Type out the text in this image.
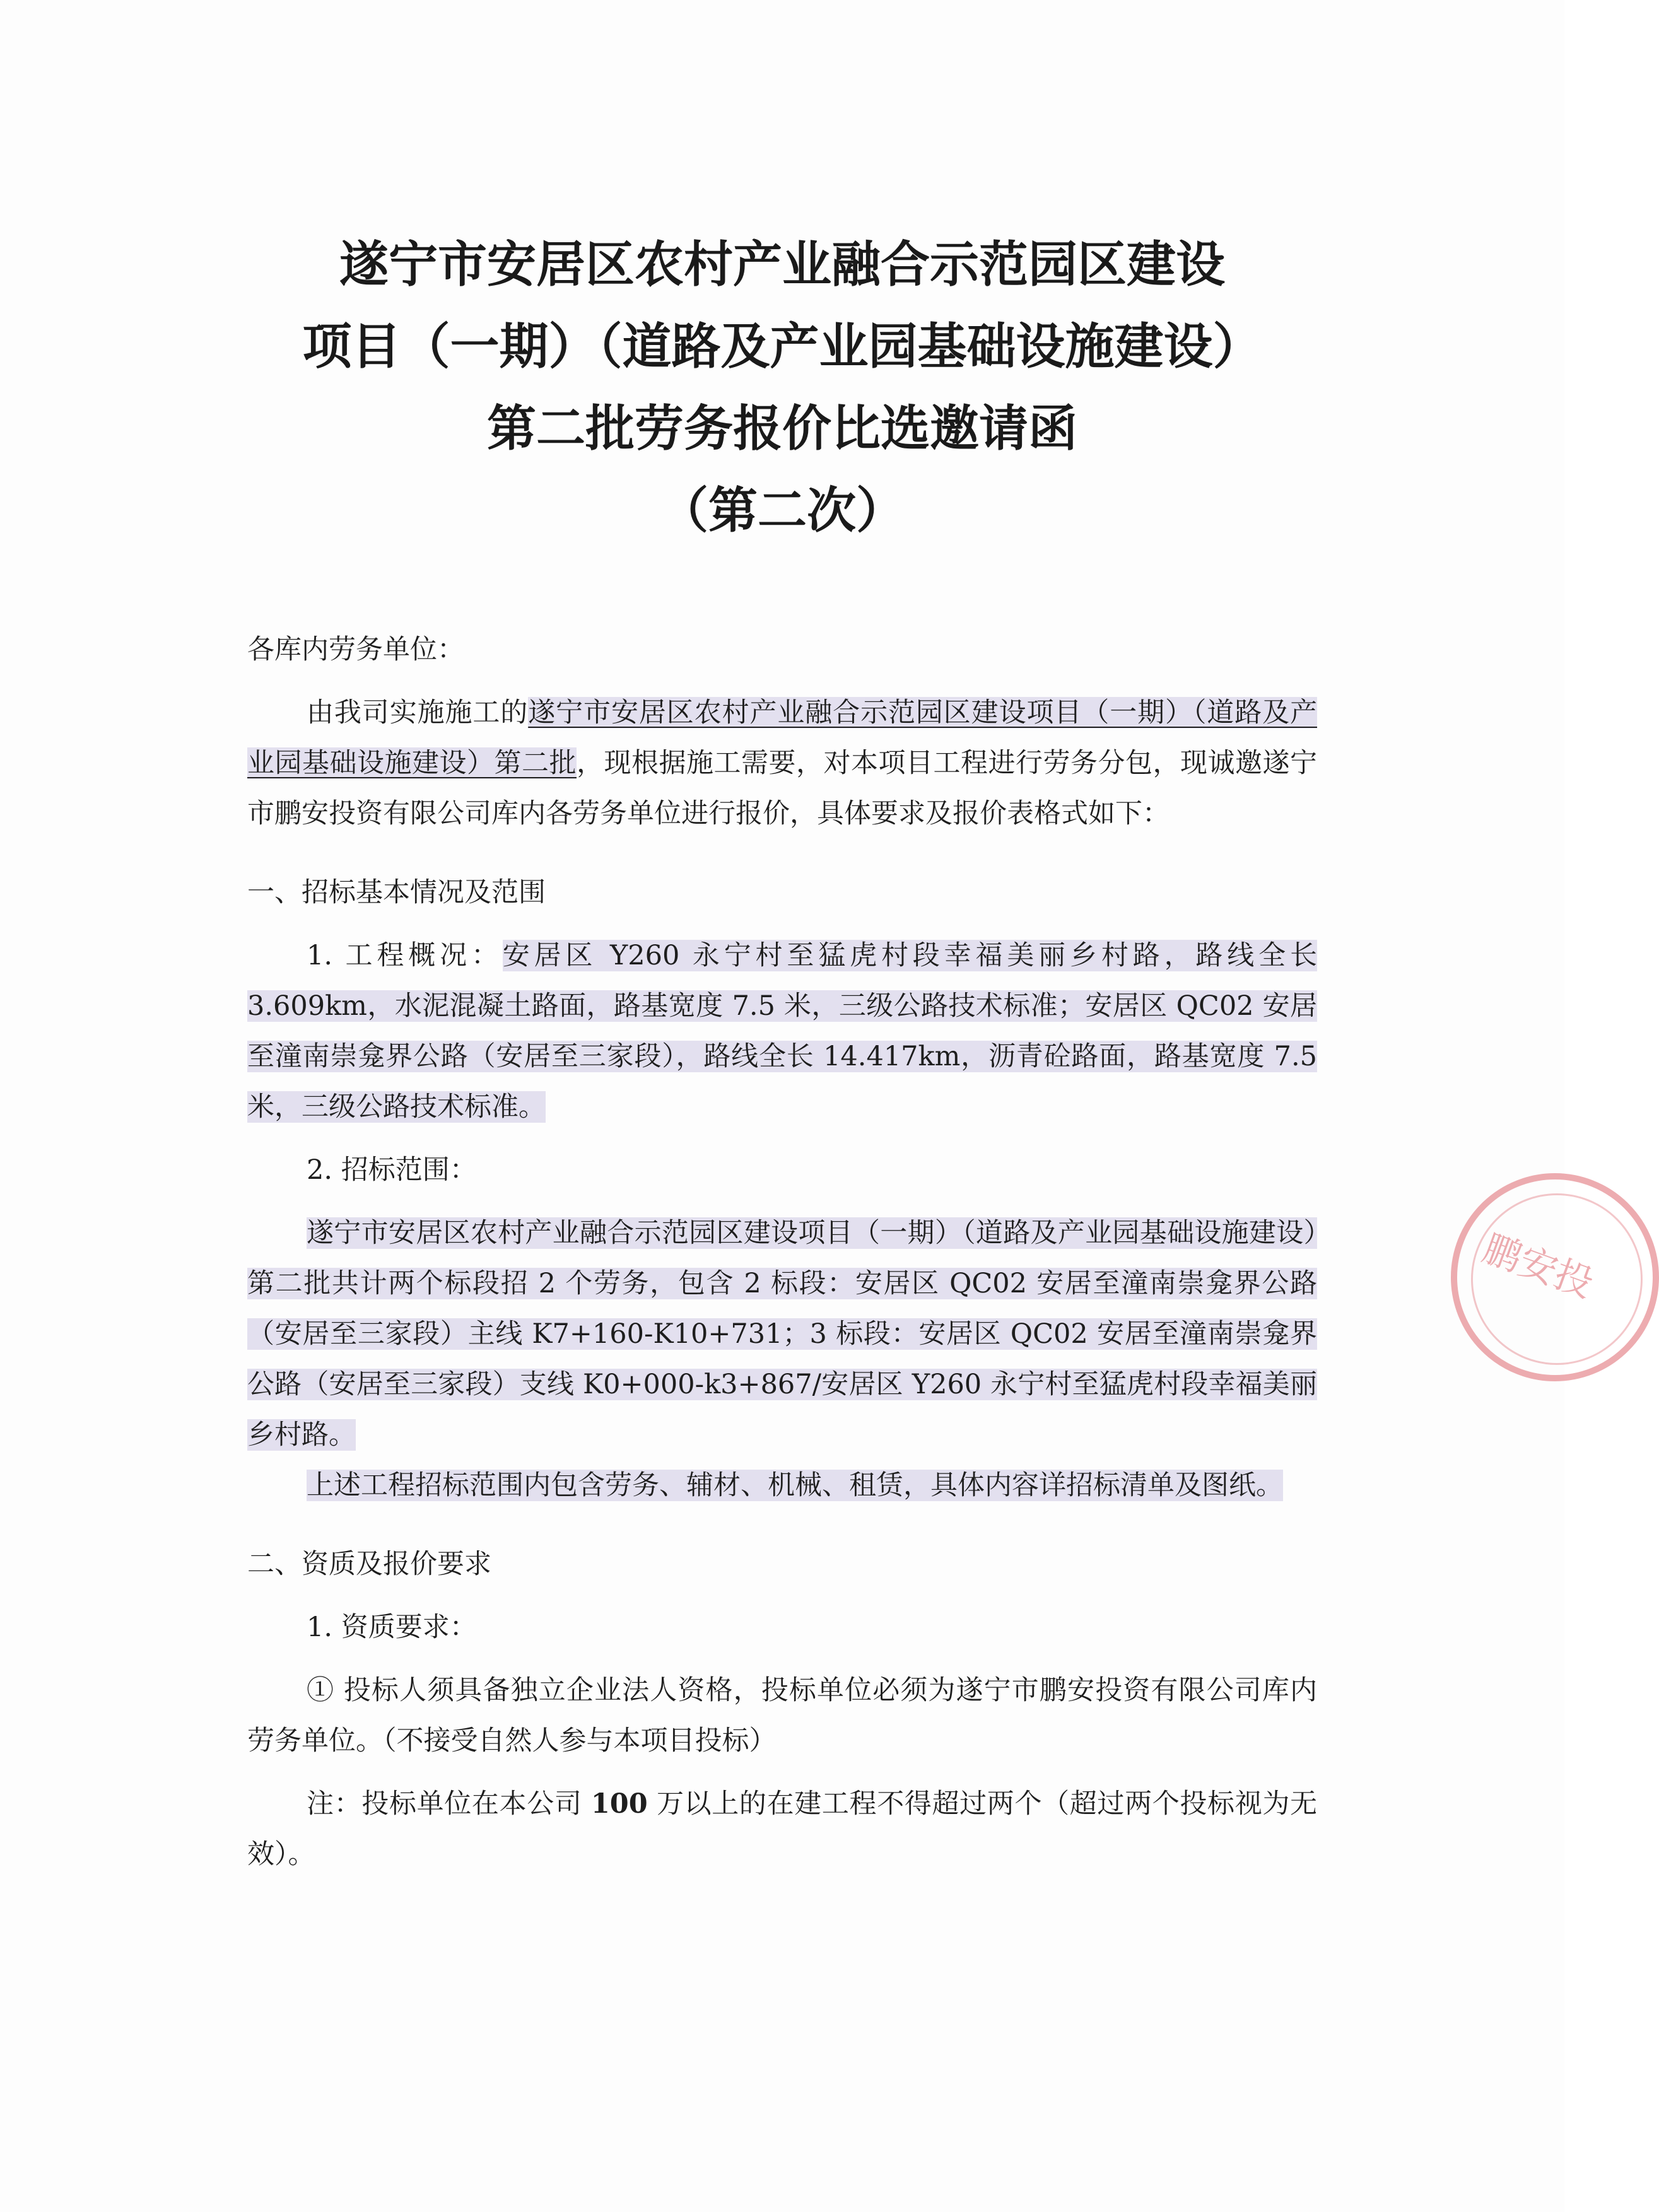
遂宁市安居区农村产业融合示范园区建设
项目（一期）（道路及产业园基础设施建设）
第二批劳务报价比选邀请函
（第二次）

各库内劳务单位：

由我司实施施工的遂宁市安居区农村产业融合示范园区建设项目（一期）（道路及产业园基础设施建设）第二批，现根据施工需要，对本项目工程进行劳务分包，现诚邀遂宁市鹏安投资有限公司库内各劳务单位进行报价，具体要求及报价表格式如下：

一、招标基本情况及范围

1. 工程概况：安居区 Y260 永宁村至猛虎村段幸福美丽乡村路，路线全长 3.609km，水泥混凝土路面，路基宽度 7.5 米，三级公路技术标准；安居区 QC02 安居至潼南崇龛界公路（安居至三家段），路线全长 14.417km，沥青砼路面，路基宽度 7.5 米，三级公路技术标准。

2. 招标范围：

遂宁市安居区农村产业融合示范园区建设项目（一期）（道路及产业园基础设施建设）第二批共计两个标段招 2 个劳务，包含 2 标段：安居区 QC02 安居至潼南崇龛界公路（安居至三家段）主线 K7+160-K10+731；3 标段：安居区 QC02 安居至潼南崇龛界公路（安居至三家段）支线 K0+000-k3+867/安居区 Y260 永宁村至猛虎村段幸福美丽乡村路。

上述工程招标范围内包含劳务、辅材、机械、租赁，具体内容详招标清单及图纸。

二、资质及报价要求

1. 资质要求：

① 投标人须具备独立企业法人资格，投标单位必须为遂宁市鹏安投资有限公司库内劳务单位。（不接受自然人参与本项目投标）

注：投标单位在本公司 100 万以上的在建工程不得超过两个（超过两个投标视为无效）。

鹏安投
